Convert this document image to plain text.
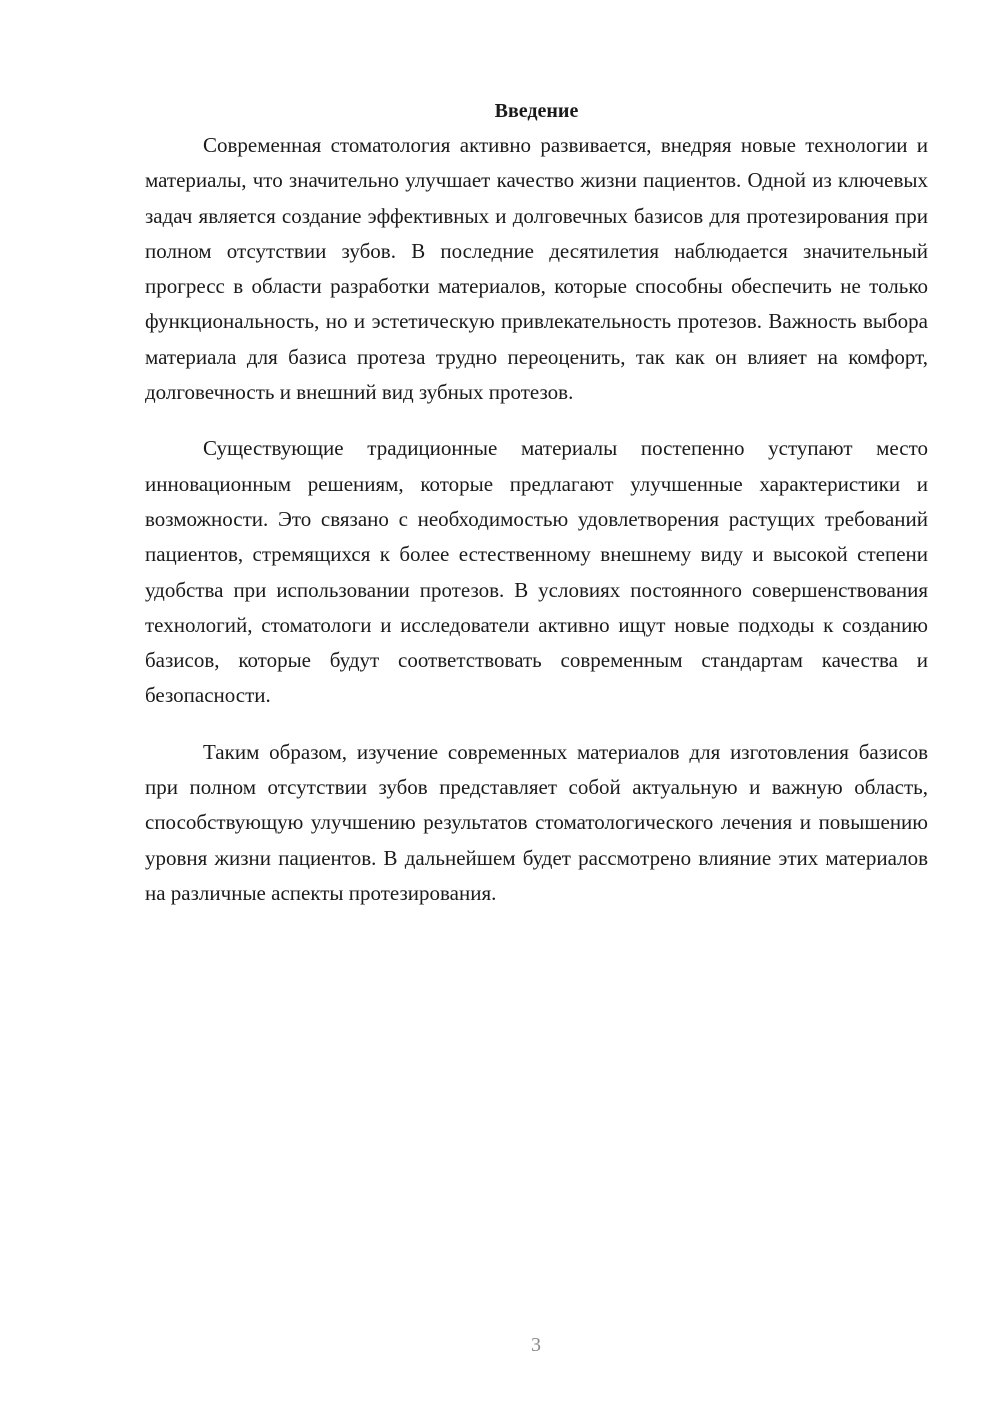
Введение

Современная стоматология активно развивается, внедряя новые технологии и материалы, что значительно улучшает качество жизни пациентов. Одной из ключевых задач является создание эффективных и долговечных базисов для протезирования при полном отсутствии зубов. В последние десятилетия наблюдается значительный прогресс в области разработки материалов, которые способны обеспечить не только функциональность, но и эстетическую привлекательность протезов. Важность выбора материала для базиса протеза трудно переоценить, так как он влияет на комфорт, долговечность и внешний вид зубных протезов.

Существующие традиционные материалы постепенно уступают место инновационным решениям, которые предлагают улучшенные характеристики и возможности. Это связано с необходимостью удовлетворения растущих требований пациентов, стремящихся к более естественному внешнему виду и высокой степени удобства при использовании протезов. В условиях постоянного совершенствования технологий, стоматологи и исследователи активно ищут новые подходы к созданию базисов, которые будут соответствовать современным стандартам качества и безопасности.

Таким образом, изучение современных материалов для изготовления базисов при полном отсутствии зубов представляет собой актуальную и важную область, способствующую улучшению результатов стоматологического лечения и повышению уровня жизни пациентов. В дальнейшем будет рассмотрено влияние этих материалов на различные аспекты протезирования.

3
